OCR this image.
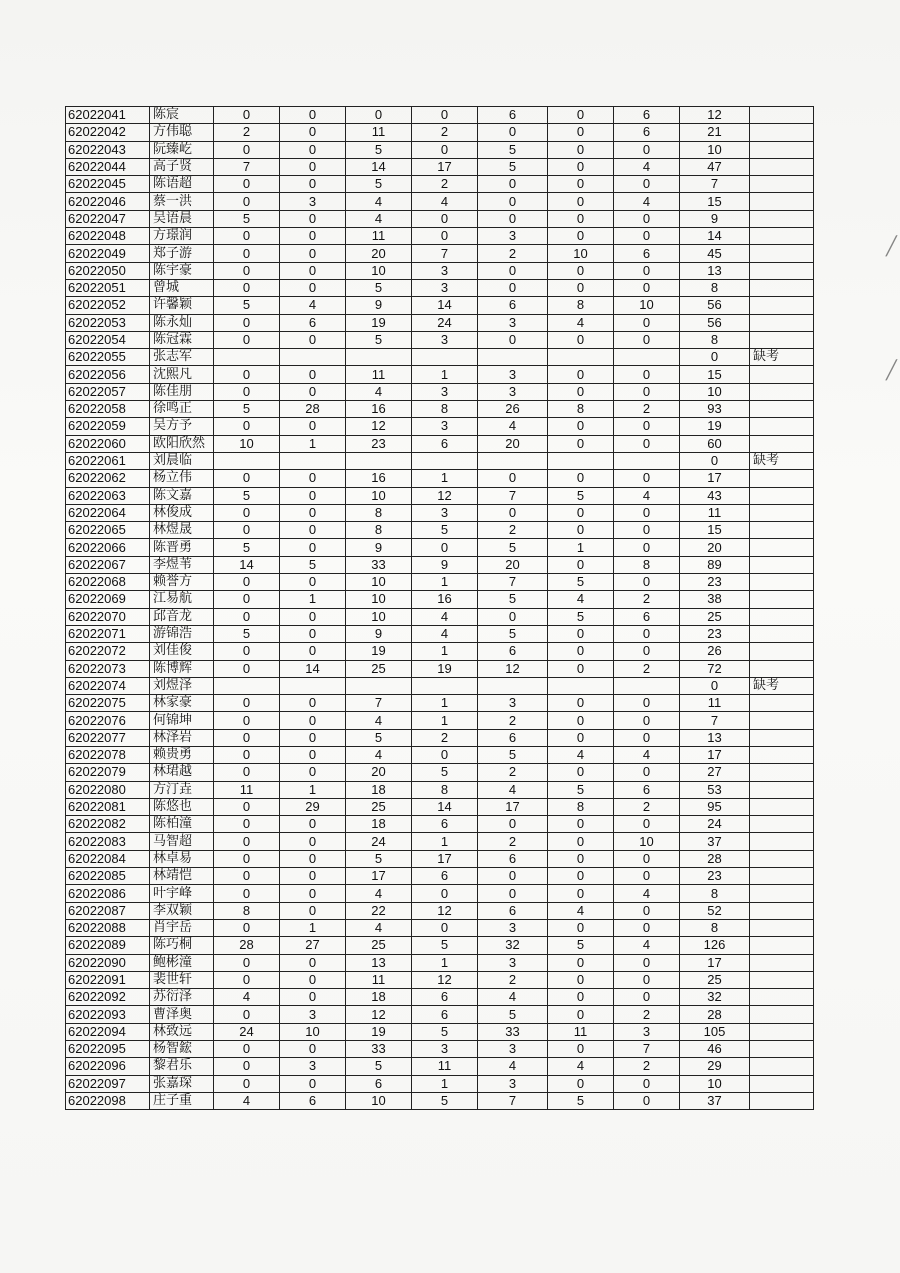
62022041	陈宸	0	0	0	0	6	0	6	12	
62022042	方伟聪	2	0	11	2	0	0	6	21	
62022043	阮臻屹	0	0	5	0	5	0	0	10	
62022044	高子贤	7	0	14	17	5	0	4	47	
62022045	陈语超	0	0	5	2	0	0	0	7	
62022046	蔡一洪	0	3	4	4	0	0	4	15	
62022047	吴语晨	5	0	4	0	0	0	0	9	
62022048	方璟润	0	0	11	0	3	0	0	14	
62022049	郑子游	0	0	20	7	2	10	6	45	
62022050	陈宇豪	0	0	10	3	0	0	0	13	
62022051	曾城	0	0	5	3	0	0	0	8	
62022052	许馨颖	5	4	9	14	6	8	10	56	
62022053	陈永灿	0	6	19	24	3	4	0	56	
62022054	陈冠霖	0	0	5	3	0	0	0	8	
62022055	张志军								0	缺考
62022056	沈熙凡	0	0	11	1	3	0	0	15	
62022057	陈佳朋	0	0	4	3	3	0	0	10	
62022058	徐鸣正	5	28	16	8	26	8	2	93	
62022059	吴方予	0	0	12	3	4	0	0	19	
62022060	欧阳欣然	10	1	23	6	20	0	0	60	
62022061	刘晨临								0	缺考
62022062	杨立伟	0	0	16	1	0	0	0	17	
62022063	陈文嘉	5	0	10	12	7	5	4	43	
62022064	林俊成	0	0	8	3	0	0	0	11	
62022065	林煜晟	0	0	8	5	2	0	0	15	
62022066	陈晋勇	5	0	9	0	5	1	0	20	
62022067	李煜苇	14	5	33	9	20	0	8	89	
62022068	赖誉方	0	0	10	1	7	5	0	23	
62022069	江易航	0	1	10	16	5	4	2	38	
62022070	邱音龙	0	0	10	4	0	5	6	25	
62022071	游锦浩	5	0	9	4	5	0	0	23	
62022072	刘佳俊	0	0	19	1	6	0	0	26	
62022073	陈博辉	0	14	25	19	12	0	2	72	
62022074	刘煜泽								0	缺考
62022075	林家豪	0	0	7	1	3	0	0	11	
62022076	何锦坤	0	0	4	1	2	0	0	7	
62022077	林泽岩	0	0	5	2	6	0	0	13	
62022078	赖贵勇	0	0	4	0	5	4	4	17	
62022079	林珺越	0	0	20	5	2	0	0	27	
62022080	方汀垚	11	1	18	8	4	5	6	53	
62022081	陈悠也	0	29	25	14	17	8	2	95	
62022082	陈柏潼	0	0	18	6	0	0	0	24	
62022083	马智超	0	0	24	1	2	0	10	37	
62022084	林卓易	0	0	5	17	6	0	0	28	
62022085	林靖恺	0	0	17	6	0	0	0	23	
62022086	叶宇峰	0	0	4	0	0	0	4	8	
62022087	李双颖	8	0	22	12	6	4	0	52	
62022088	肖宇岳	0	1	4	0	3	0	0	8	
62022089	陈巧桐	28	27	25	5	32	5	4	126	
62022090	鲍彬潼	0	0	13	1	3	0	0	17	
62022091	裴世轩	0	0	11	12	2	0	0	25	
62022092	苏衍泽	4	0	18	6	4	0	0	32	
62022093	曹泽奥	0	3	12	6	5	0	2	28	
62022094	林致远	24	10	19	5	33	11	3	105	
62022095	杨智鋐	0	0	33	3	3	0	7	46	
62022096	黎君乐	0	3	5	11	4	4	2	29	
62022097	张嘉琛	0	0	6	1	3	0	0	10	
62022098	庄子重	4	6	10	5	7	5	0	37	
╱
╱
